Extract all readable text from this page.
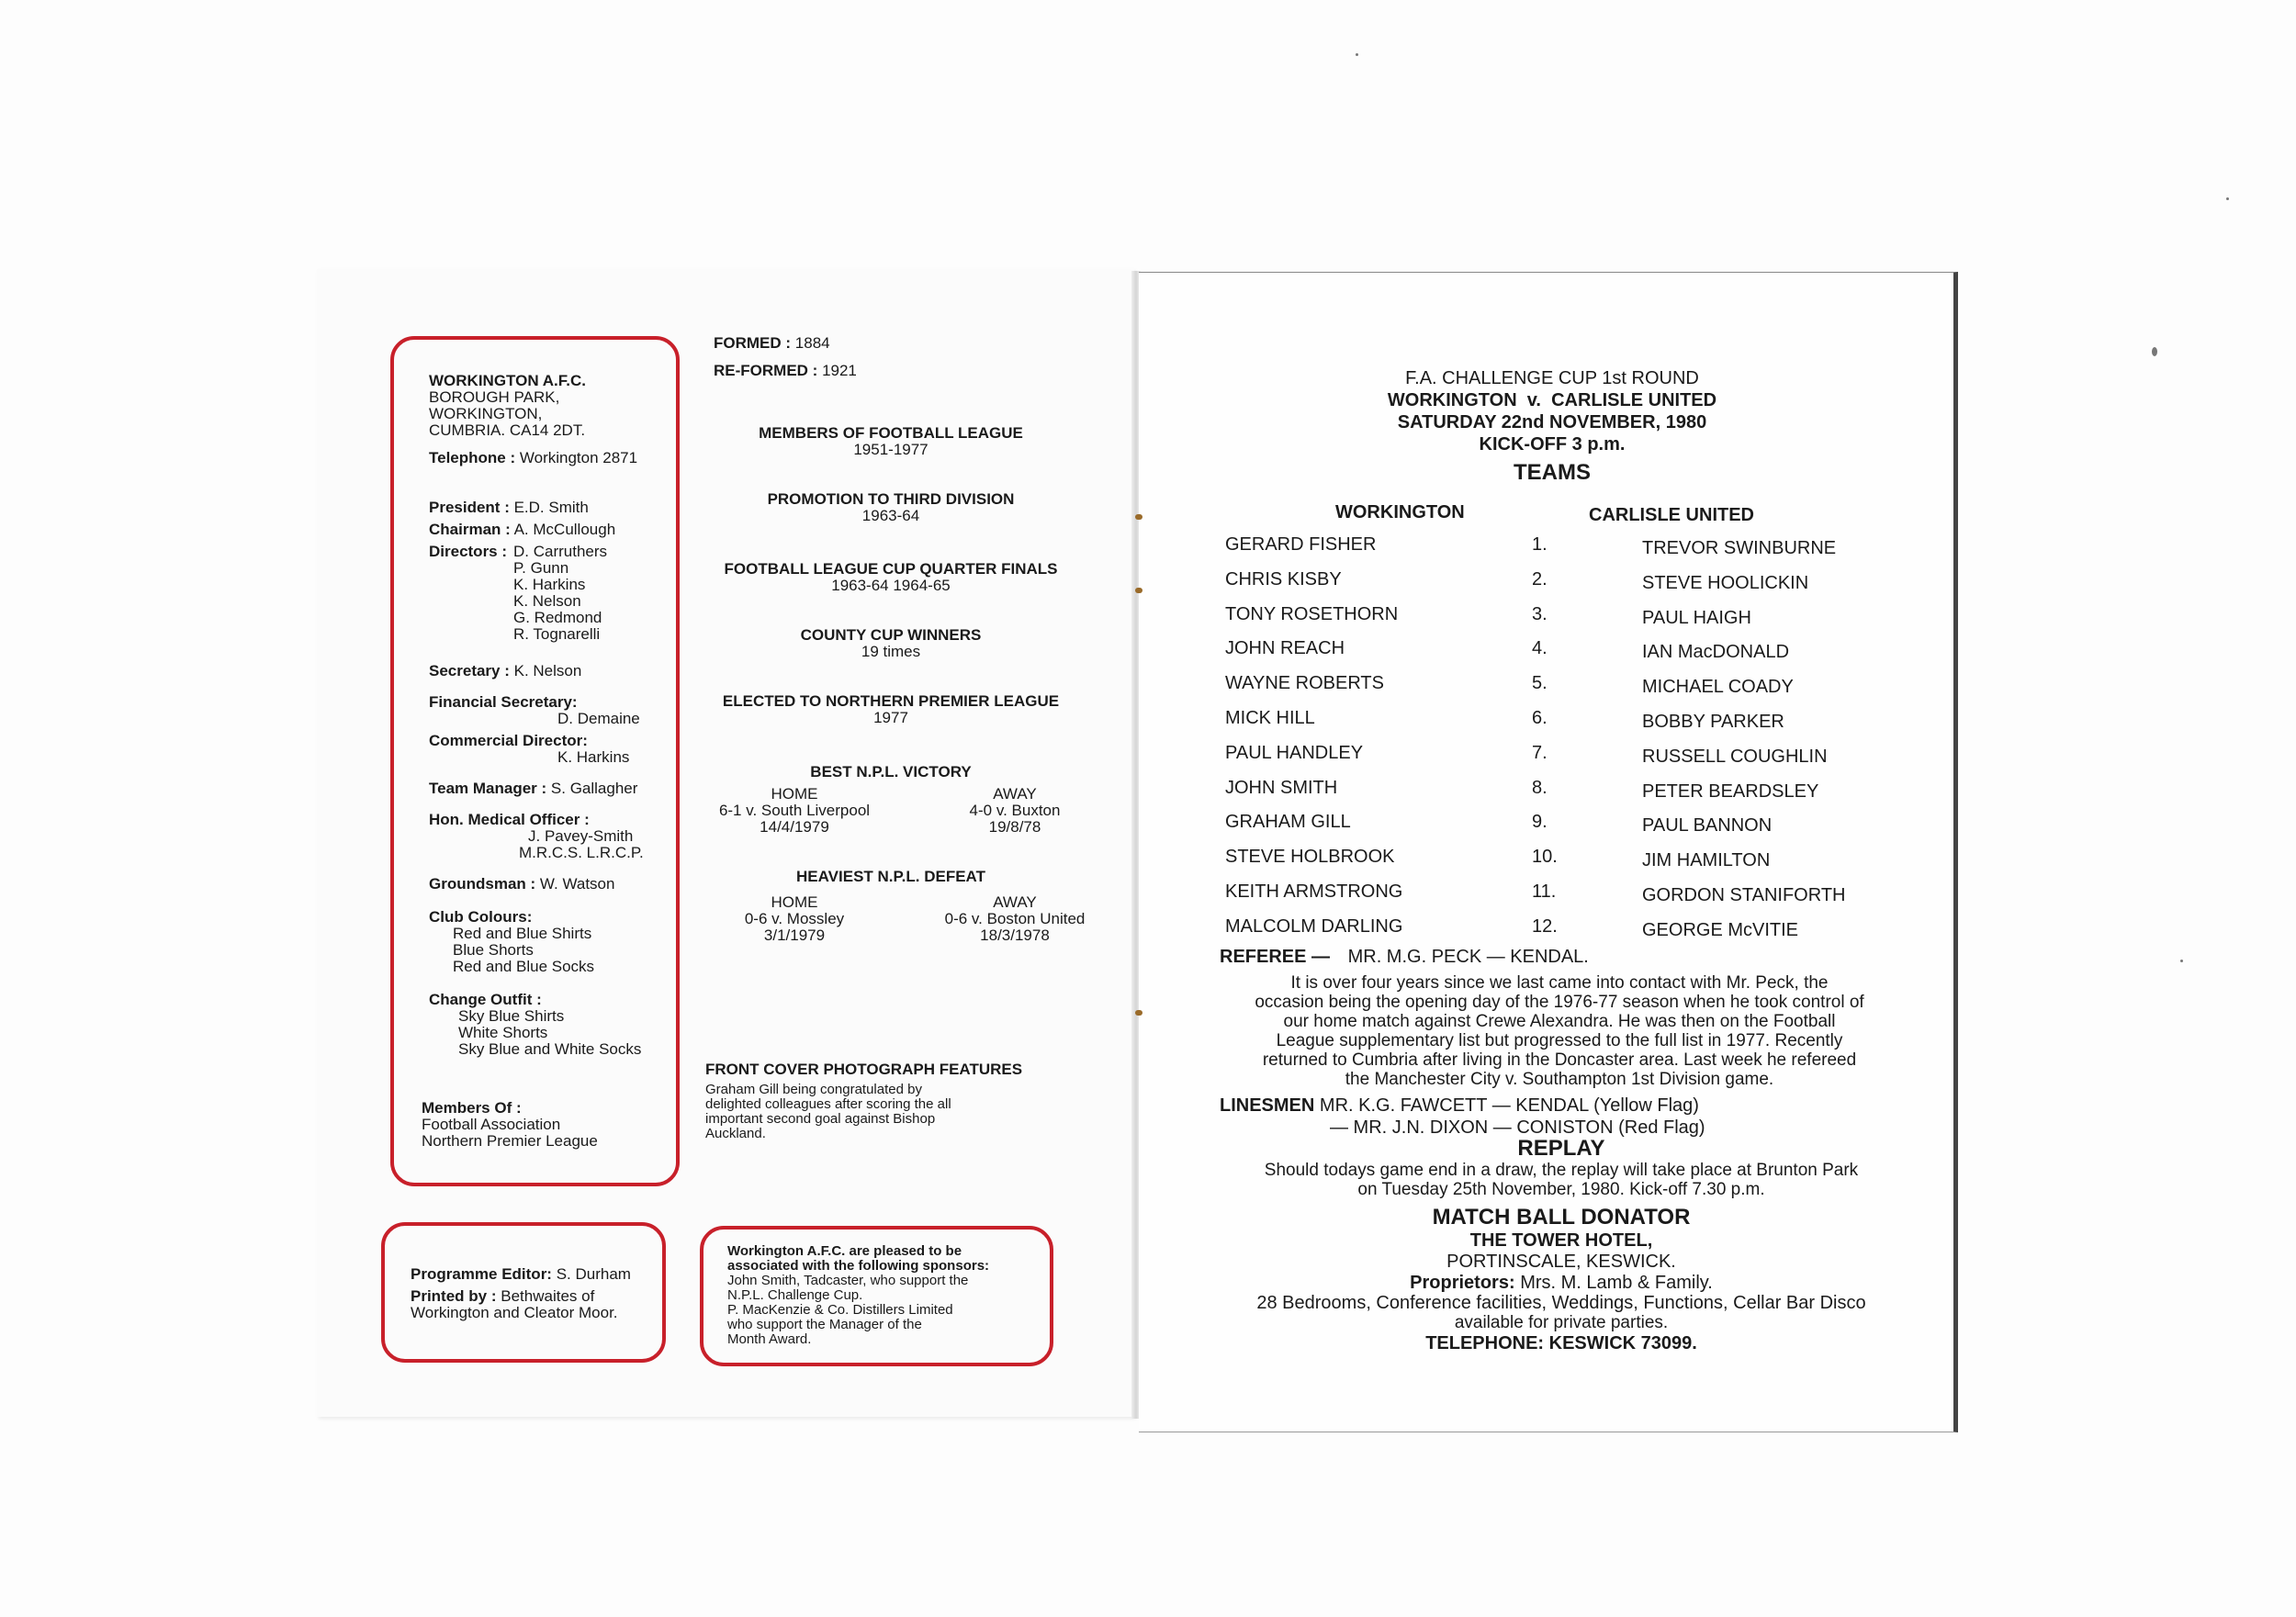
WORKINGTON A.F.C.
BOROUGH PARK,
WORKINGTON,
CUMBRIA. CA14 2DT.
Telephone : Workington 2871
President : E.D. Smith
Chairman : A. McCullough
Directors : D. Carruthers
P. Gunn
K. Harkins
K. Nelson
G. Redmond
R. Tognarelli
Secretary : K. Nelson
Financial Secretary:
D. Demaine
Commercial Director:
K. Harkins
Team Manager : S. Gallagher
Hon. Medical Officer :
J. Pavey-Smith
M.R.C.S. L.R.C.P.
Groundsman : W. Watson
Club Colours:
Red and Blue Shirts
Blue Shorts
Red and Blue Socks
Change Outfit :
Sky Blue Shirts
White Shorts
Sky Blue and White Socks
Members Of :
Football Association
Northern Premier League
Programme Editor: S. Durham
Printed by : Bethwaites of
Workington and Cleator Moor.
FORMED : 1884
RE-FORMED : 1921
MEMBERS OF FOOTBALL LEAGUE
1951-1977
PROMOTION TO THIRD DIVISION
1963-64
FOOTBALL LEAGUE CUP QUARTER FINALS
1963-64 1964-65
COUNTY CUP WINNERS
19 times
ELECTED TO NORTHERN PREMIER LEAGUE
1977
BEST N.P.L. VICTORY
HOME
6-1 v. South Liverpool
14/4/1979
AWAY
4-0 v. Buxton
19/8/78
HEAVIEST N.P.L. DEFEAT
HOME
0-6 v. Mossley
3/1/1979
AWAY
0-6 v. Boston United
18/3/1978
FRONT COVER PHOTOGRAPH FEATURES
Graham Gill being congratulated by
delighted colleagues after scoring the all
important second goal against Bishop
Auckland.
Workington A.F.C. are pleased to be
associated with the following sponsors:
John Smith, Tadcaster, who support the
N.P.L. Challenge Cup.
P. MacKenzie & Co. Distillers Limited
who support the Manager of the
Month Award.
F.A. CHALLENGE CUP 1st ROUND
WORKINGTON  v.  CARLISLE UNITED
SATURDAY 22nd NOVEMBER, 1980
KICK-OFF 3 p.m.
TEAMS
WORKINGTON	CARLISLE UNITED
GERARD FISHER	1.	TREVOR SWINBURNE
CHRIS KISBY	2.	STEVE HOOLICKIN
TONY ROSETHORN	3.	PAUL HAIGH
JOHN REACH	4.	IAN MacDONALD
WAYNE ROBERTS	5.	MICHAEL COADY
MICK HILL	6.	BOBBY PARKER
PAUL HANDLEY	7.	RUSSELL COUGHLIN
JOHN SMITH	8.	PETER BEARDSLEY
GRAHAM GILL	9.	PAUL BANNON
STEVE HOLBROOK	10.	JIM HAMILTON
KEITH ARMSTRONG	11.	GORDON STANIFORTH
MALCOLM DARLING	12.	GEORGE McVITIE
REFEREE — MR. M.G. PECK — KENDAL.
It is over four years since we last came into contact with Mr. Peck, the
occasion being the opening day of the 1976-77 season when he took control of
our home match against Crewe Alexandra. He was then on the Football
League supplementary list but progressed to the full list in 1977. Recently
returned to Cumbria after living in the Doncaster area. Last week he refereed
the Manchester City v. Southampton 1st Division game.
LINESMEN MR. K.G. FAWCETT — KENDAL (Yellow Flag)
— MR. J.N. DIXON — CONISTON (Red Flag)
REPLAY
Should todays game end in a draw, the replay will take place at Brunton Park
on Tuesday 25th November, 1980. Kick-off 7.30 p.m.
MATCH BALL DONATOR
THE TOWER HOTEL,
PORTINSCALE, KESWICK.
Proprietors: Mrs. M. Lamb & Family.
28 Bedrooms, Conference facilities, Weddings, Functions, Cellar Bar Disco
available for private parties.
TELEPHONE: KESWICK 73099.
